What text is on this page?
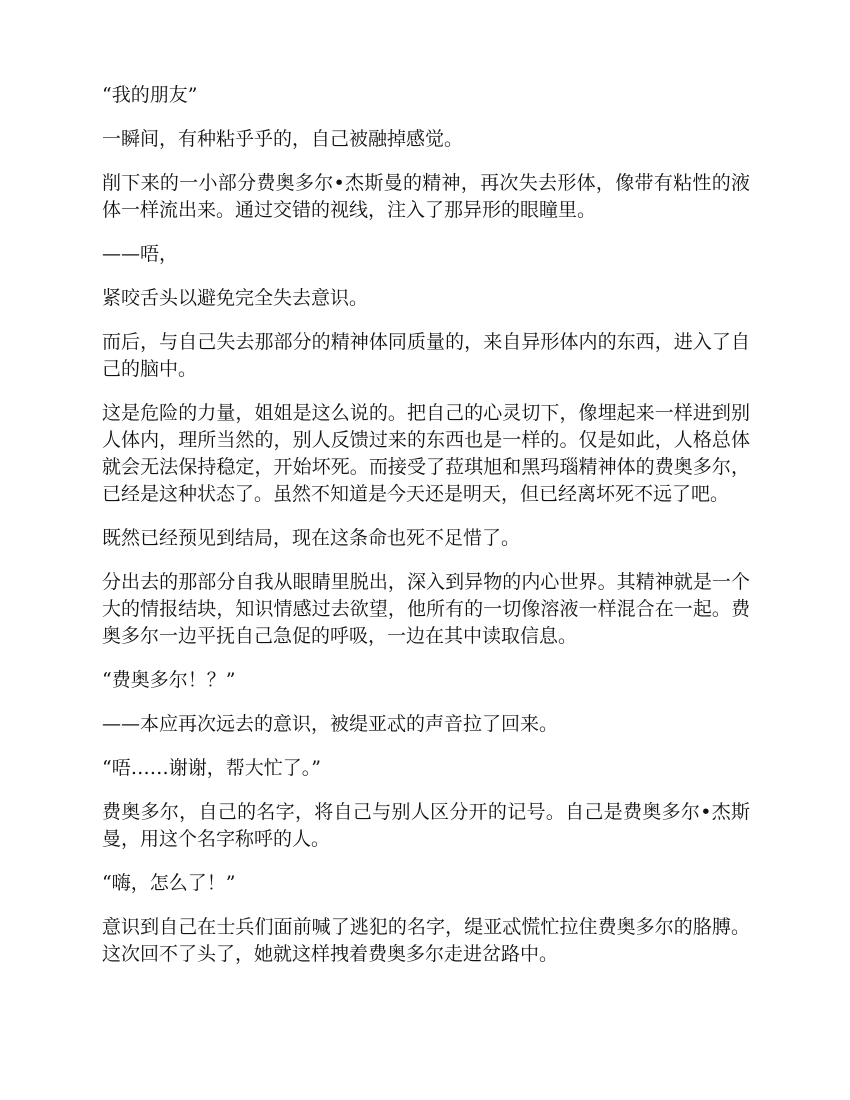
“我的朋友”

一瞬间，有种粘乎乎的，自己被融掉感觉。

削下来的一小部分费奥多尔•杰斯曼的精神，再次失去形体，像带有粘性的液体一样流出来。通过交错的视线，注入了那异形的眼瞳里。

——唔，

紧咬舌头以避免完全失去意识。

而后，与自己失去那部分的精神体同质量的，来自异形体内的东西，进入了自己的脑中。

这是危险的力量，姐姐是这么说的。把自己的心灵切下，像埋起来一样进到别人体内，理所当然的，别人反馈过来的东西也是一样的。仅是如此，人格总体就会无法保持稳定，开始坏死。而接受了菈琪旭和黑玛瑙精神体的费奥多尔，已经是这种状态了。虽然不知道是今天还是明天，但已经离坏死不远了吧。

既然已经预见到结局，现在这条命也死不足惜了。

分出去的那部分自我从眼睛里脱出，深入到异物的内心世界。其精神就是一个大的情报结块，知识情感过去欲望，他所有的一切像溶液一样混合在一起。费奥多尔一边平抚自己急促的呼吸，一边在其中读取信息。

“费奥多尔！？”

——本应再次远去的意识，被缇亚忒的声音拉了回来。

“唔……谢谢，帮大忙了。”

费奥多尔，自己的名字，将自己与别人区分开的记号。自己是费奥多尔•杰斯曼，用这个名字称呼的人。

“嗨，怎么了！”

意识到自己在士兵们面前喊了逃犯的名字，缇亚忒慌忙拉住费奥多尔的胳膊。这次回不了头了，她就这样拽着费奥多尔走进岔路中。
